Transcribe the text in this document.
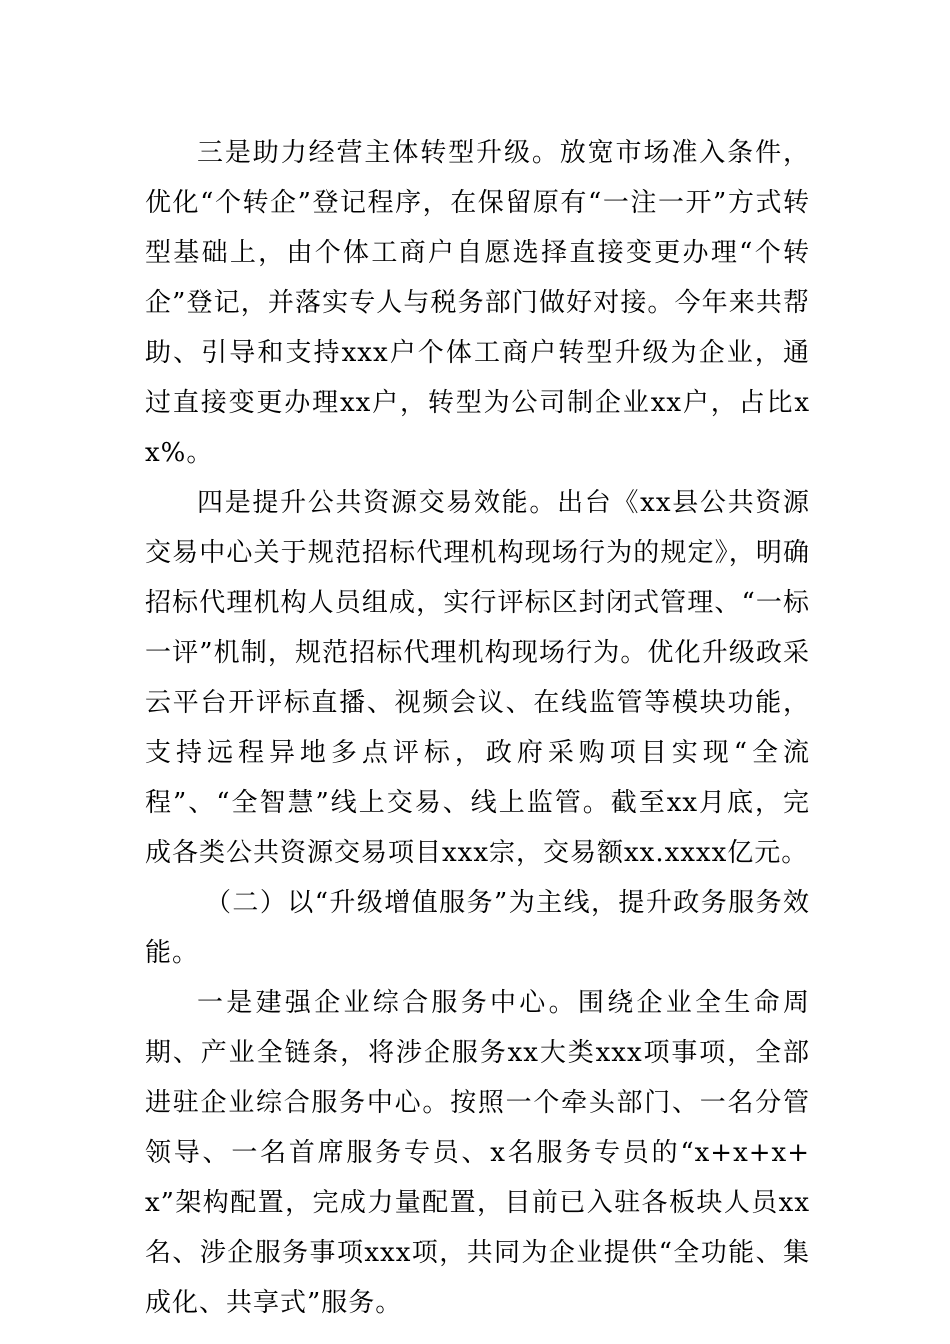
三是助力经营主体转型升级。放宽市场准入条件，优化“个转企”登记程序，在保留原有“一注一开”方式转型基础上，由个体工商户自愿选择直接变更办理“个转企”登记，并落实专人与税务部门做好对接。今年来共帮助、引导和支持xxx户个体工商户转型升级为企业，通过直接变更办理xx户，转型为公司制企业xx户，占比xx%。

四是提升公共资源交易效能。出台《xx县公共资源交易中心关于规范招标代理机构现场行为的规定》，明确招标代理机构人员组成，实行评标区封闭式管理、“一标一评”机制，规范招标代理机构现场行为。优化升级政采云平台开评标直播、视频会议、在线监管等模块功能，支持远程异地多点评标，政府采购项目实现“全流程”、“全智慧”线上交易、线上监管。截至xx月底，完成各类公共资源交易项目xxx宗，交易额xx.xxxx亿元。

（二）以“升级增值服务”为主线，提升政务服务效能。

一是建强企业综合服务中心。围绕企业全生命周期、产业全链条，将涉企服务xx大类xxx项事项，全部进驻企业综合服务中心。按照一个牵头部门、一名分管领导、一名首席服务专员、x名服务专员的“x+x+x+x”架构配置，完成力量配置，目前已入驻各板块人员xx名、涉企服务事项xxx项，共同为企业提供“全功能、集成化、共享式”服务。
